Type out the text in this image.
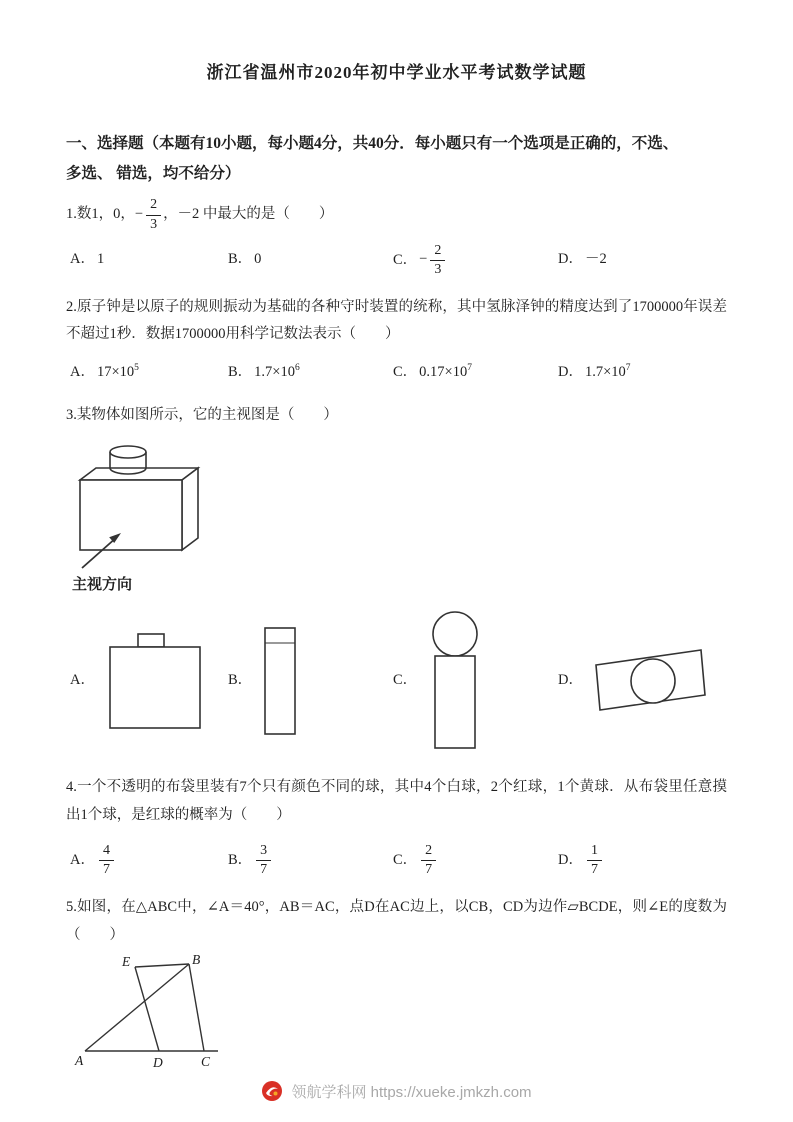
浙江省温州市2020年初中学业水平考试数学试题
一、选择题（本题有10小题，每小题4分，共40分．每小题只有一个选项是正确的，不选、
多选、 错选，均不给分）
1.数1，0，− $\frac{2}{3}$ ，－2 中最大的是（　　）
A． 1	B． 0	C． − $\frac{2}{3}$	D． －2
2.原子钟是以原子的规则振动为基础的各种守时装置的统称，其中氢脉泽钟的精度达到了1700000年误差不超过1秒．数据1700000用科学记数法表示（　　）
A． $17\times 10^5$	B． $1.7\times 10^6$	C． $0.17\times 10^7$	D． $1.7\times 10^7$
3.某物体如图所示，它的主视图是（　　）
主视方向
A．	B．	C．	D．
4.一个不透明的布袋里装有7个只有颜色不同的球，其中4个白球，2个红球，1个黄球．从布袋里任意摸出1个球，是红球的概率为（　　）
A． $\frac{4}{7}$	B． $\frac{3}{7}$	C． $\frac{2}{7}$	D． $\frac{1}{7}$
5.如图，在△ABC中，∠A＝40°，AB＝AC，点D在AC边上，以CB，CD为边作▱BCDE，则∠E的度数为（　　）
E	B
A	D	C
领航学科网 https://xueke.jmkzh.com
